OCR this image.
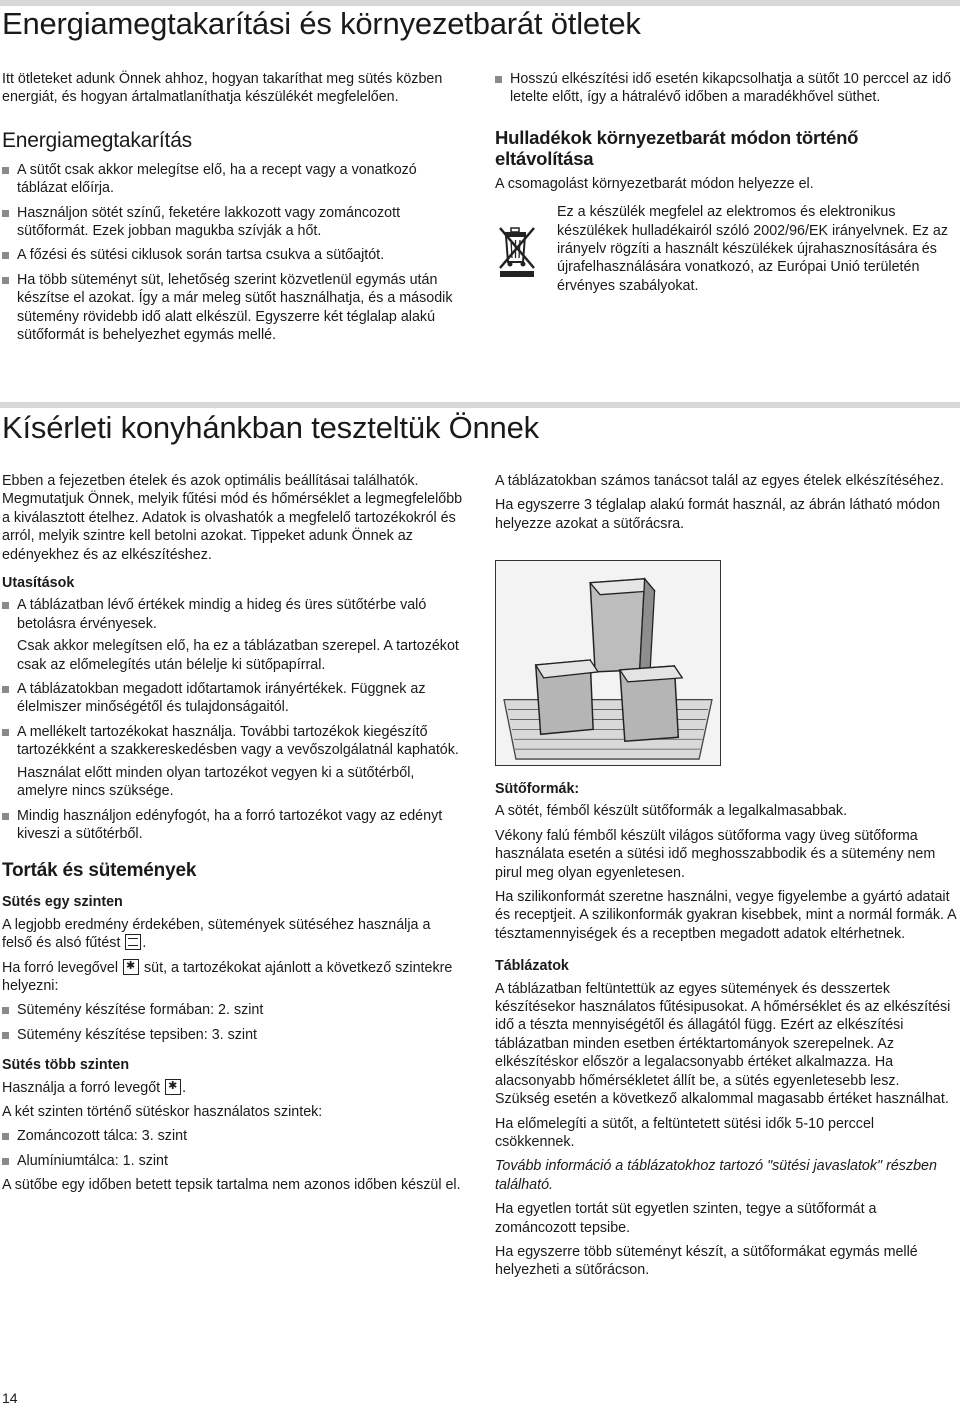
Energiamegtakarítási és környezetbarát ötletek

Itt ötleteket adunk Önnek ahhoz, hogyan takaríthat meg sütés közben energiát, és hogyan ártalmatlaníthatja készülékét megfelelően.

Energiamegtakarítás
A sütőt csak akkor melegítse elő, ha a recept vagy a vonatkozó táblázat előírja.
Használjon sötét színű, feketére lakkozott vagy zománcozott sütőformát. Ezek jobban magukba szívják a hőt.
A főzési és sütési ciklusok során tartsa csukva a sütőajtót.
Ha több süteményt süt, lehetőség szerint közvetlenül egymás után készítse el azokat. Így a már meleg sütőt használhatja, és a második sütemény rövidebb idő alatt elkészül. Egyszerre két téglalap alakú sütőformát is behelyezhet egymás mellé.
Hosszú elkészítési idő esetén kikapcsolhatja a sütőt 10 perccel az idő letelte előtt, így a hátralévő időben a maradékhővel süthet.
Hulladékok környezetbarát módon történő eltávolítása

A csomagolást környezetbarát módon helyezze el.

Ez a készülék megfelel az elektromos és elektronikus készülékek hulladékairól szóló 2002/96/EK irányelvnek. Ez az irányelv rögzíti a használt készülékek újrahasznosítására és újrafelhasználására vonatkozó, az Európai Unió területén érvényes szabályokat.

Kísérleti konyhánkban teszteltük Önnek

Ebben a fejezetben ételek és azok optimális beállításai találhatók. Megmutatjuk Önnek, melyik fűtési mód és hőmérséklet a legmegfelelőbb a kiválasztott ételhez. Adatok is olvashatók a megfelelő tartozékokról és arról, melyik szintre kell betolni azokat. Tippeket adunk Önnek az edényekhez és az elkészítéshez.

Utasítások
A táblázatban lévő értékek mindig a hideg és üres sütőtérbe való betolásra érvényesek.
Csak akkor melegítsen elő, ha ez a táblázatban szerepel. A tartozékot csak az előmelegítés után bélelje ki sütőpapírral.
A táblázatokban megadott időtartamok irányértékek. Függnek az élelmiszer minőségétől és tulajdonságaitól.
A mellékelt tartozékokat használja. További tartozékok kiegészítő tartozékként a szakkereskedésben vagy a vevőszolgálatnál kaphatók.
Használat előtt minden olyan tartozékot vegyen ki a sütőtérből, amelyre nincs szüksége.
Mindig használjon edényfogót, ha a forró tartozékot vagy az edényt kiveszi a sütőtérből.
Torták és sütemények
Sütés egy szinten

A legjobb eredmény érdekében, sütemények sütéséhez használja a felső és alsó fűtést .

Ha forró levegővel ✱ süt, a tartozékokat ajánlott a következő szintekre helyezni:

Sütemény készítése formában: 2. szint
Sütemény készítése tepsiben: 3. szint
Sütés több szinten

Használja a forró levegőt ✱ .

A két szinten történő sütéskor használatos szintek:

Zománcozott tálca: 3. szint
Alumíniumtálca: 1. szint

A sütőbe egy időben betett tepsik tartalma nem azonos időben készül el.

A táblázatokban számos tanácsot talál az egyes ételek elkészítéséhez.

Ha egyszerre 3 téglalap alakú formát használ, az ábrán látható módon helyezze azokat a sütőrácsra.

Sütőformák:

A sötét, fémből készült sütőformák a legalkalmasabbak.

Vékony falú fémből készült világos sütőforma vagy üveg sütőforma használata esetén a sütési idő meghosszabbodik és a sütemény nem pirul meg olyan egyenletesen.

Ha szilikonformát szeretne használni, vegye figyelembe a gyártó adatait és receptjeit. A szilikonformák gyakran kisebbek, mint a normál formák. A tésztamennyiségek és a receptben megadott adatok eltérhetnek.

Táblázatok

A táblázatban feltüntettük az egyes sütemények és desszertek készítésekor használatos fűtésipusokat. A hőmérséklet és az elkészítési idő a tészta mennyiségétől és állagától függ. Ezért az elkészítési táblázatban minden esetben értéktartományok szerepelnek. Az elkészítéskor először a legalacsonyabb értéket alkalmazza. Ha alacsonyabb hőmérsékletet állít be, a sütés egyenletesebb lesz. Szükség esetén a következő alkalommal magasabb értéket használhat.

Ha előmelegíti a sütőt, a feltüntetett sütési idők 5-10 perccel csökkennek.

Tovább információ a táblázatokhoz tartozó "sütési javaslatok" részben található.

Ha egyetlen tortát süt egyetlen szinten, tegye a sütőformát a zománcozott tepsibe.

Ha egyszerre több süteményt készít, a sütőformákat egymás mellé helyezheti a sütőrácson.

14
